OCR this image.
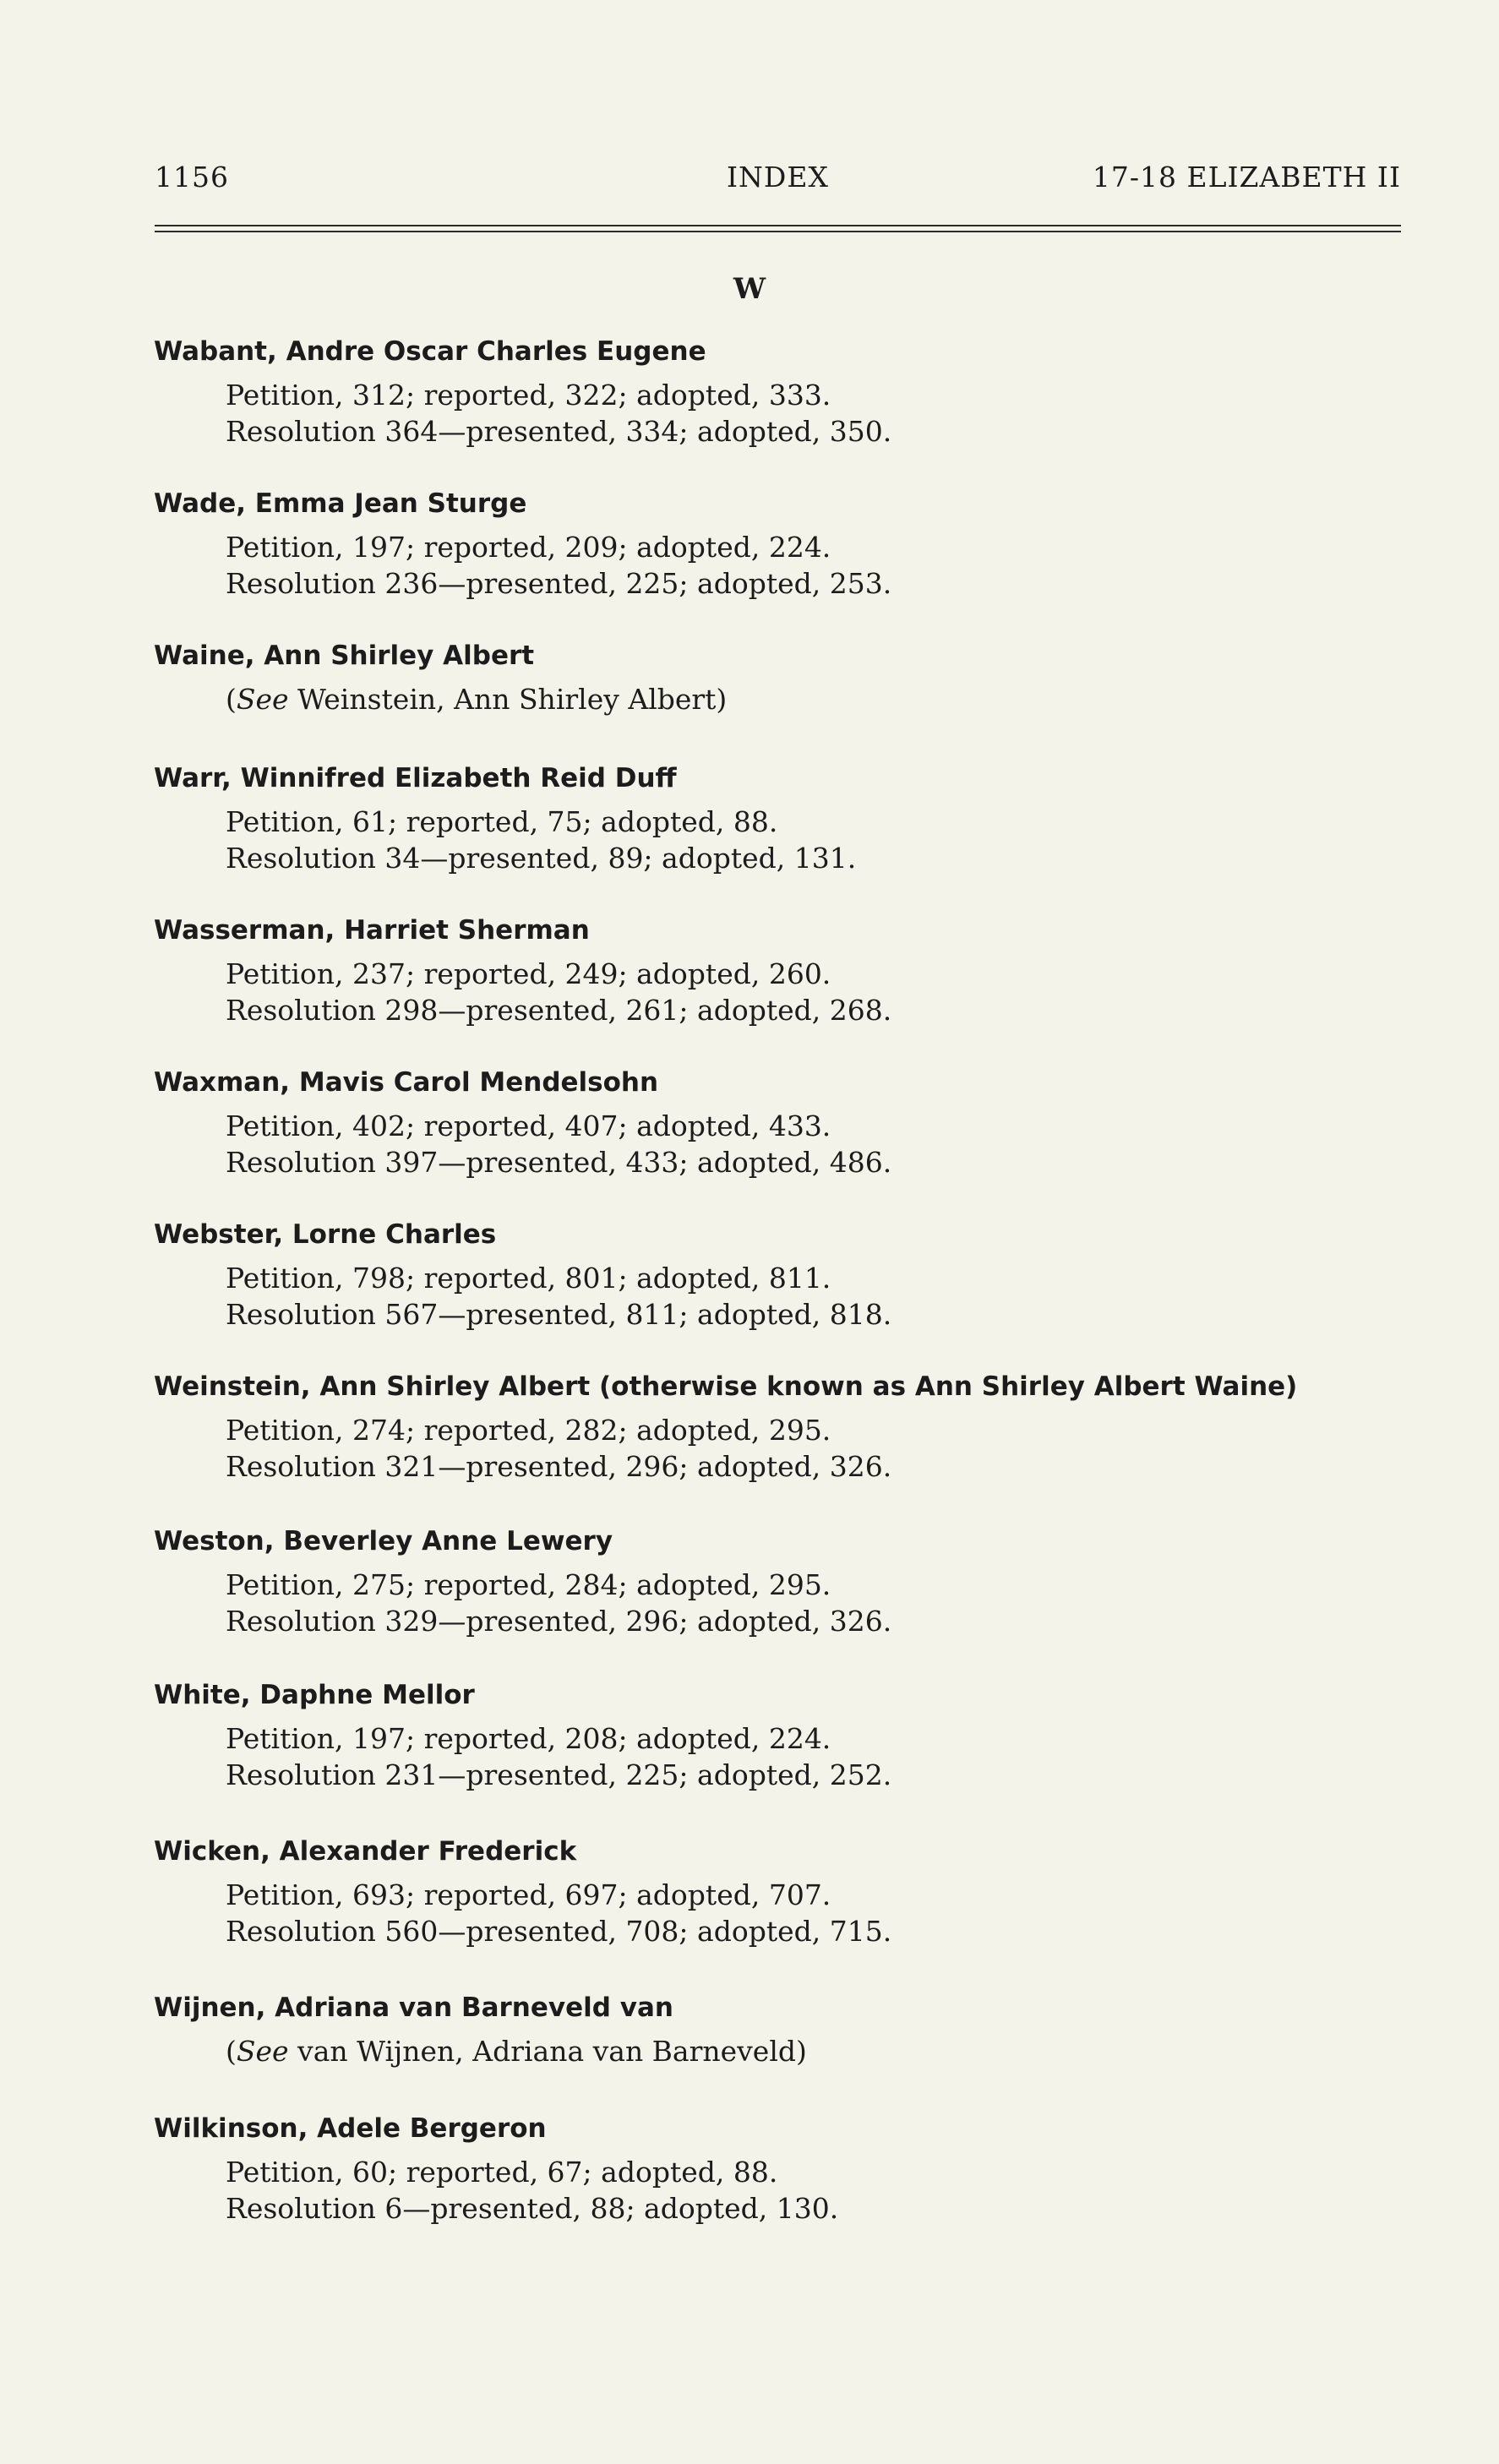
1156	INDEX	17-18 ELIZABETH II
W
Wabant, Andre Oscar Charles Eugene
Petition, 312; reported, 322; adopted, 333.
Resolution 364—presented, 334; adopted, 350.
Wade, Emma Jean Sturge
Petition, 197; reported, 209; adopted, 224.
Resolution 236—presented, 225; adopted, 253.
Waine, Ann Shirley Albert
(See Weinstein, Ann Shirley Albert)
Warr, Winnifred Elizabeth Reid Duff
Petition, 61; reported, 75; adopted, 88.
Resolution 34—presented, 89; adopted, 131.
Wasserman, Harriet Sherman
Petition, 237; reported, 249; adopted, 260.
Resolution 298—presented, 261; adopted, 268.
Waxman, Mavis Carol Mendelsohn
Petition, 402; reported, 407; adopted, 433.
Resolution 397—presented, 433; adopted, 486.
Webster, Lorne Charles
Petition, 798; reported, 801; adopted, 811.
Resolution 567—presented, 811; adopted, 818.
Weinstein, Ann Shirley Albert (otherwise known as Ann Shirley Albert Waine)
Petition, 274; reported, 282; adopted, 295.
Resolution 321—presented, 296; adopted, 326.
Weston, Beverley Anne Lewery
Petition, 275; reported, 284; adopted, 295.
Resolution 329—presented, 296; adopted, 326.
White, Daphne Mellor
Petition, 197; reported, 208; adopted, 224.
Resolution 231—presented, 225; adopted, 252.
Wicken, Alexander Frederick
Petition, 693; reported, 697; adopted, 707.
Resolution 560—presented, 708; adopted, 715.
Wijnen, Adriana van Barneveld van
(See van Wijnen, Adriana van Barneveld)
Wilkinson, Adele Bergeron
Petition, 60; reported, 67; adopted, 88.
Resolution 6—presented, 88; adopted, 130.
